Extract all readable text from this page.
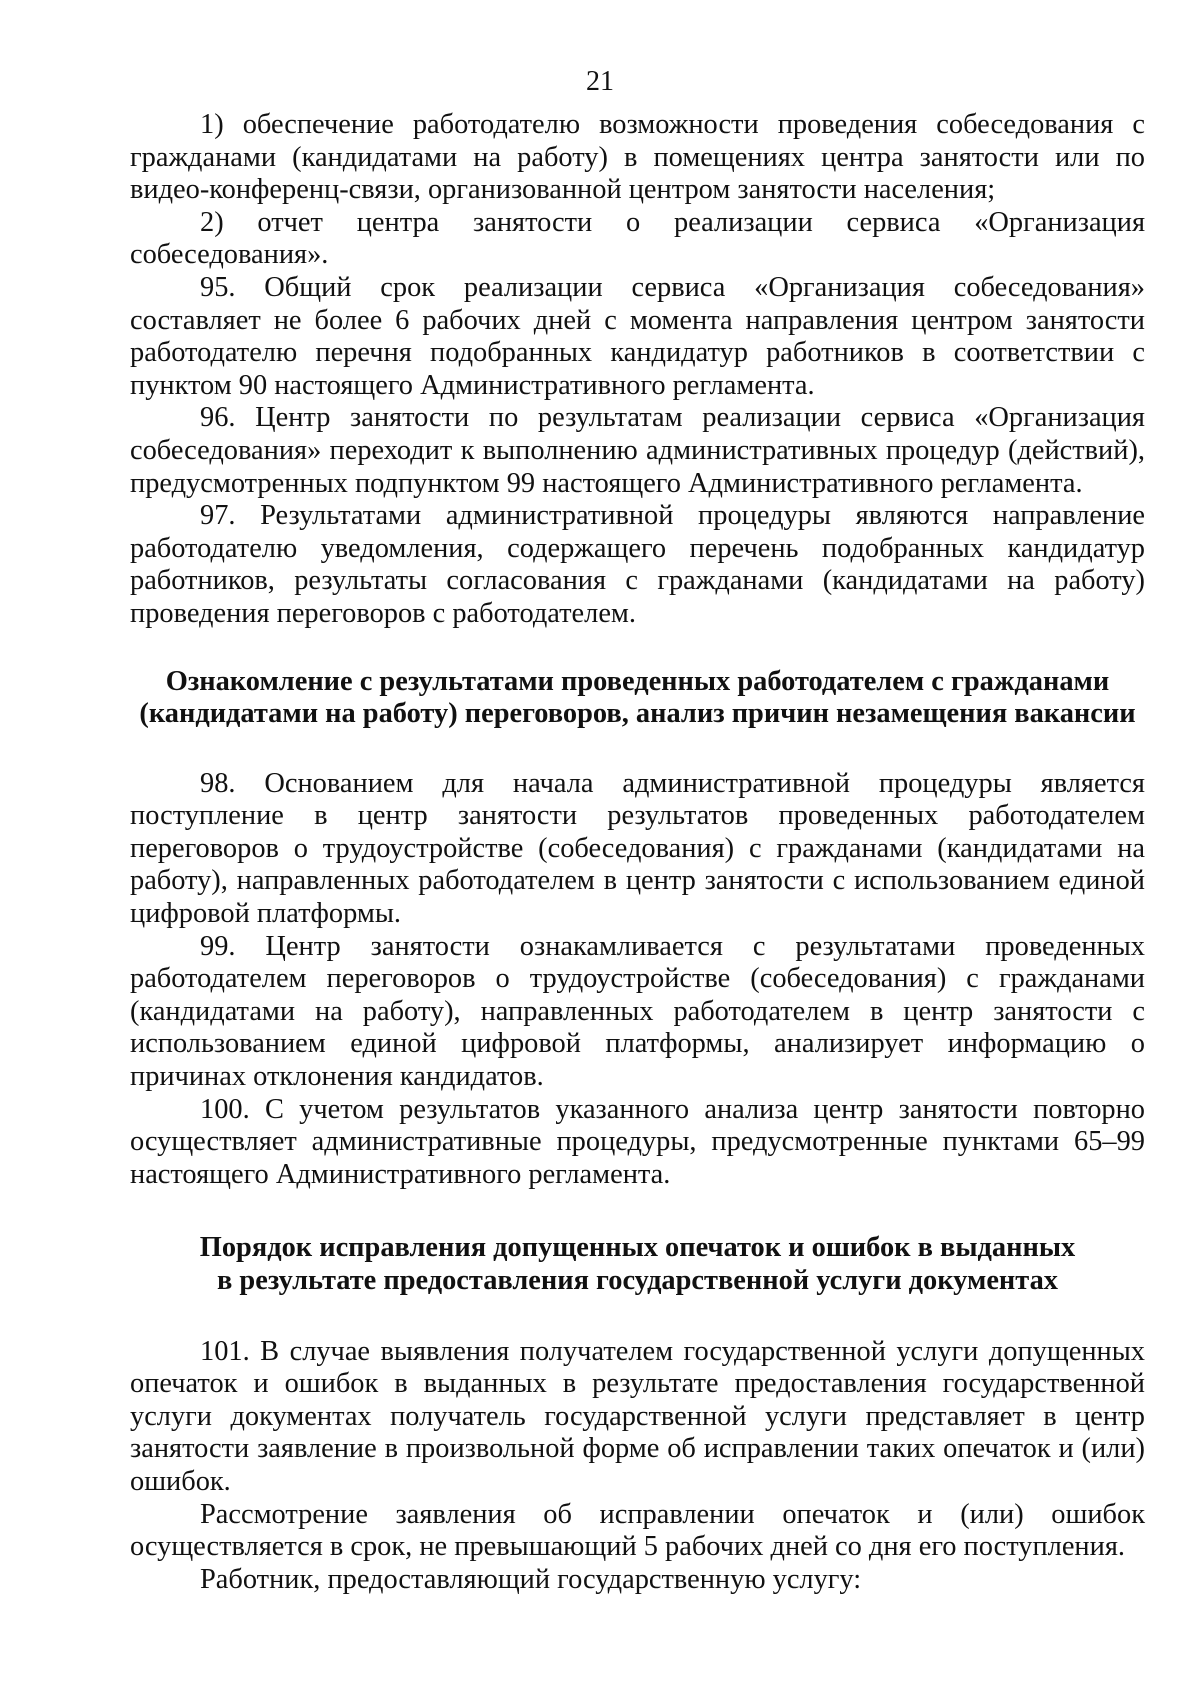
21

1) обеспечение работодателю возможности проведения собеседования с гражданами (кандидатами на работу) в помещениях центра занятости или по видео-конференц-связи, организованной центром занятости населения;

2) отчет центра занятости о реализации сервиса «Организация собеседования».

95. Общий срок реализации сервиса «Организация собеседования» составляет не более 6 рабочих дней с момента направления центром занятости работодателю перечня подобранных кандидатур работников в соответствии с пунктом 90 настоящего Административного регламента.

96. Центр занятости по результатам реализации сервиса «Организация собеседования» переходит к выполнению административных процедур (действий), предусмотренных подпунктом 99 настоящего Административного регламента.

97. Результатами административной процедуры являются направление работодателю уведомления, содержащего перечень подобранных кандидатур работников, результаты согласования с гражданами (кандидатами на работу) проведения переговоров с работодателем.

Ознакомление с результатами проведенных работодателем с гражданами

(кандидатами на работу) переговоров, анализ причин незамещения вакансии

98. Основанием для начала административной процедуры является поступление в центр занятости результатов проведенных работодателем переговоров о трудоустройстве (собеседования) с гражданами (кандидатами на работу), направленных работодателем в центр занятости с использованием единой цифровой платформы.

99. Центр занятости ознакамливается с результатами проведенных работодателем переговоров о трудоустройстве (собеседования) с гражданами (кандидатами на работу), направленных работодателем в центр занятости с использованием единой цифровой платформы, анализирует информацию о причинах отклонения кандидатов.

100. С учетом результатов указанного анализа центр занятости повторно осуществляет административные процедуры, предусмотренные пунктами 65–99 настоящего Административного регламента.

Порядок исправления допущенных опечаток и ошибок в выданных

в результате предоставления государственной услуги документах

101. В случае выявления получателем государственной услуги допущенных опечаток и ошибок в выданных в результате предоставления государственной услуги документах получатель государственной услуги представляет в центр занятости заявление в произвольной форме об исправлении таких опечаток и (или) ошибок.

Рассмотрение заявления об исправлении опечаток и (или) ошибок осуществляется в срок, не превышающий 5 рабочих дней со дня его поступления.

Работник, предоставляющий государственную услугу:
